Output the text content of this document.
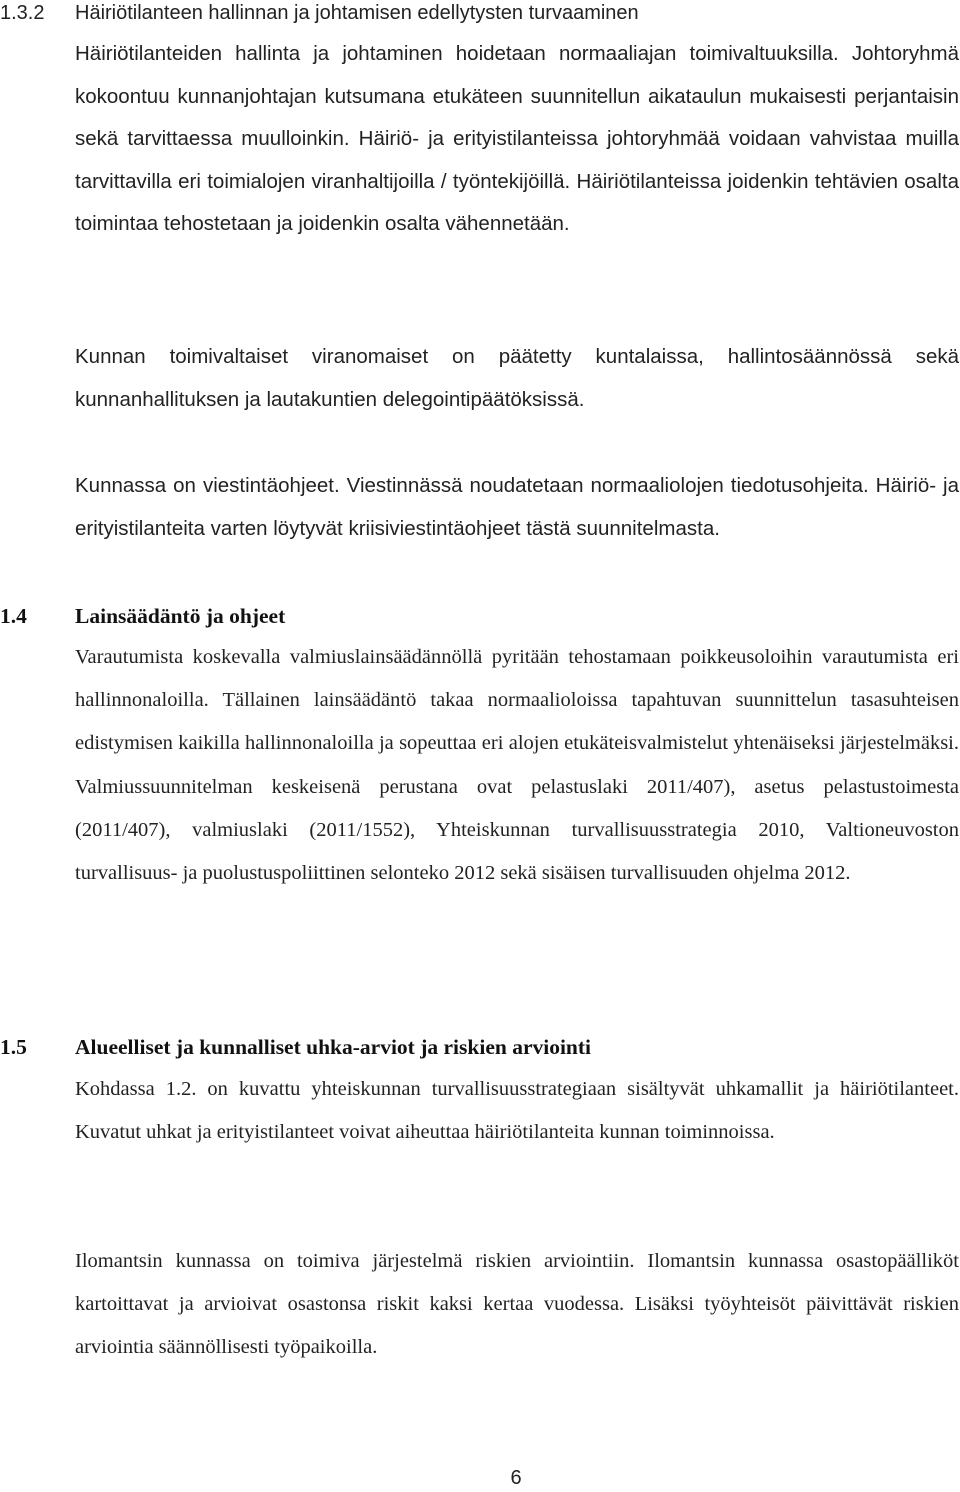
1.3.2	Häiriötilanteen hallinnan ja johtamisen edellytysten turvaaminen

Häiriötilanteiden hallinta ja johtaminen hoidetaan normaaliajan toimivaltuuksilla. Johtoryhmä kokoontuu kunnanjohtajan kutsumana etukäteen suunnitellun aikataulun mukaisesti perjantaisin sekä tarvittaessa muulloinkin. Häiriö- ja erityistilanteissa johtoryhmää voidaan vahvistaa muilla tarvittavilla eri toimialojen viranhaltijoilla / työntekijöillä. Häiriötilanteissa joidenkin tehtävien osalta toimintaa tehostetaan ja joidenkin osalta vähennetään.

Kunnan toimivaltaiset viranomaiset on päätetty kuntalaissa, hallintosäännössä sekä kunnanhallituksen ja lautakuntien delegointipäätöksissä.

Kunnassa on viestintäohjeet. Viestinnässä noudatetaan normaaliolojen tiedotusohjeita. Häiriö- ja erityistilanteita varten löytyvät kriisiviestintäohjeet tästä suunnitelmasta.

1.4	Lainsäädäntö ja ohjeet

Varautumista koskevalla valmiuslainsäädännöllä pyritään tehostamaan poikkeusoloihin varautumista eri hallinnonaloilla. Tällainen lainsäädäntö takaa normaalioloissa tapahtuvan suunnittelun tasasuhteisen edistymisen kaikilla hallinnonaloilla ja sopeuttaa eri alojen etukäteisvalmistelut yhtenäiseksi järjestelmäksi. Valmiussuunnitelman keskeisenä perustana ovat pelastuslaki 2011/407), asetus pelastustoimesta (2011/407), valmiuslaki (2011/1552), Yhteiskunnan turvallisuusstrategia 2010, Valtioneuvoston turvallisuus- ja puolustuspoliittinen selonteko 2012 sekä sisäisen turvallisuuden ohjelma 2012.

1.5	Alueelliset ja kunnalliset uhka-arviot ja riskien arviointi

Kohdassa 1.2. on kuvattu yhteiskunnan turvallisuusstrategiaan sisältyvät uhkamallit ja häiriötilanteet. Kuvatut uhkat ja erityistilanteet voivat aiheuttaa häiriötilanteita kunnan toiminnoissa.

Ilomantsin kunnassa on toimiva järjestelmä riskien arviointiin. Ilomantsin kunnassa osastopäälliköt kartoittavat ja arvioivat osastonsa riskit kaksi kertaa vuodessa. Lisäksi työyhteisöt päivittävät riskien arviointia säännöllisesti työpaikoilla.

6
